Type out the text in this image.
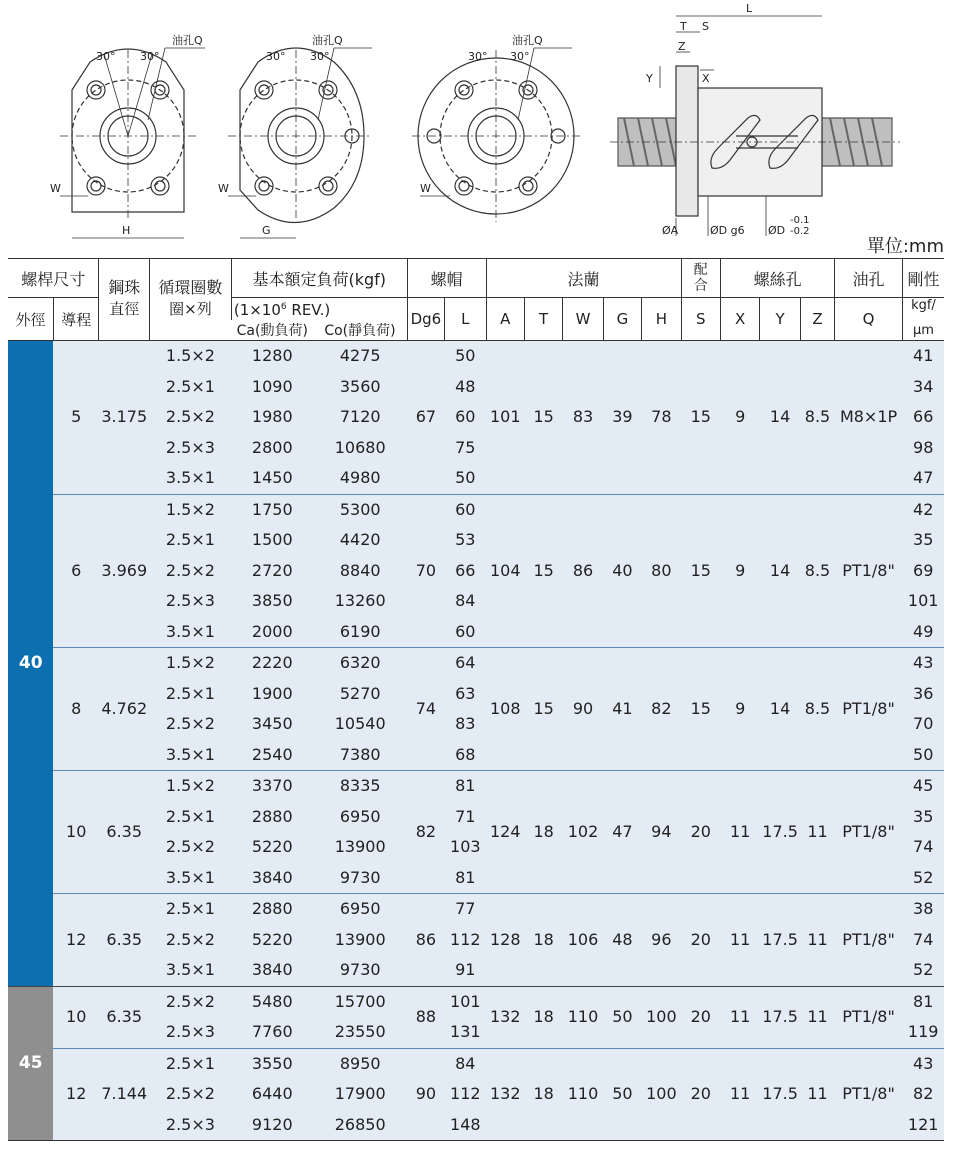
油孔Q
30° 30°
W
H
油孔Q
30° 30°
W
G
油孔Q
30° 30°
W
L
T S
Z
Y	X
ØA	ØD g6 ØD
-0.1
-0.2
單位:mm
螺桿尺寸		鋼珠	循環圈數	基本額定負荷(kgf)		螺帽		法蘭					配
合	螺絲孔			油孔	剛性
外徑	導程	直徑	圈×列	($1\times 10^6$ REV.)		Dg6	L	A	T	W	G	H	S	X	Y	Z	Q	kgf/
				Ca(動負荷)	Co(靜負荷)													μm
40	5	3.175	1.5×2	1280	4275	67	50	101	15	83	39	78	15	9	14	8.5	M8×1P	41
			2.5×1	1090	3560		48											34
			2.5×2	1980	7120		60											66
			2.5×3	2800	10680		75											98
			3.5×1	1450	4980		50											47
	6	3.969	1.5×2	1750	5300	70	60	104	15	86	40	80	15	9	14	8.5	PT1/8"	42
			2.5×1	1500	4420		53											35
			2.5×2	2720	8840		66											69
			2.5×3	3850	13260		84											101
			3.5×1	2000	6190		60											49
	8	4.762	1.5×2	2220	6320	74	64	108	15	90	41	82	15	9	14	8.5	PT1/8"	43
			2.5×1	1900	5270		63											36
			2.5×2	3450	10540		83											70
			3.5×1	2540	7380		68											50
	10	6.35	1.5×2	3370	8335	82	81	124	18	102	47	94	20	11	17.5	11	PT1/8"	45
			2.5×1	2880	6950		71											35
			2.5×2	5220	13900		103											74
			3.5×1	3840	9730		81											52
	12	6.35	2.5×1	2880	6950	86	77	128	18	106	48	96	20	11	17.5	11	PT1/8"	38
			2.5×2	5220	13900		112											74
			3.5×1	3840	9730		91											52
45	10	6.35	2.5×2	5480	15700	88	101	132	18	110	50	100	20	11	17.5	11	PT1/8"	81
			2.5×3	7760	23550		131											119
	12	7.144	2.5×1	3550	8950	90	84	132	18	110	50	100	20	11	17.5	11	PT1/8"	43
			2.5×2	6440	17900		112											82
			2.5×3	9120	26850		148											121
